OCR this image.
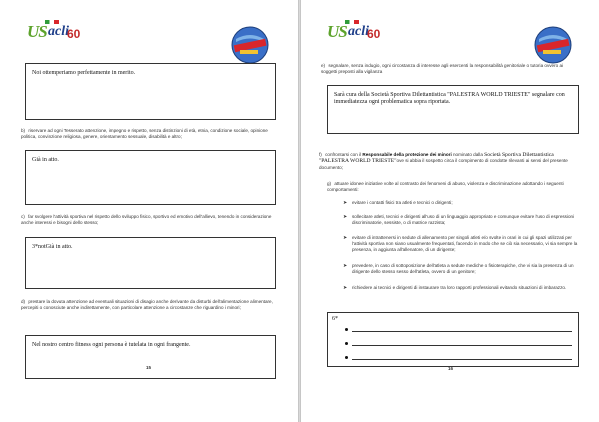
US acli
60
Noi ottemperiamo perfettamente in merito.
b) riservare ad ogni Tesserato attenzione, impegno e rispetto, senza distinzioni di età, etnia, condizione sociale, opinione politica, convinzione religiosa, genere, orientamento sessuale, disabilità e altro;
Già in atto.
c) far svolgere l'attività sportiva nel rispetto dello sviluppo fisico, sportivo ed emotivo dell'allievo, tenendo in considerazione anche interessi e bisogni dello stesso;
3*notGià in atto.
d) prestare la dovuta attenzione ad eventuali situazioni di disagio anche derivante da disturbi dell'alimentazione alimentare, percepiti o conosciute anche indirettamente, con particolare attenzione a circostanze che riguardino i minori;
Nel nostro centro fitness ogni persona è tutelata in ogni frangente.
15
US acli
60
e) segnalare, senza indugio, ogni circostanza di interesse agli esercenti la responsabilità genitoriale o tutoria ovvero ai soggetti preposti alla vigilanza
Sarà cura della Società Sportiva Dilettantistica "PALESTRA WORLD TRIESTE" segnalare con immediatezza ogni problematica sopra riportata.
f) confrontarsi con il Responsabile della protezione dei minori nominato dalla Società Sportiva Dilettantistica "PALESTRA WORLD TRIESTE"ove si abbia il sospetto circa il compimento di condotte rilevanti ai sensi del presente documento;
g) attuare idonee iniziative volte al contrasto dei fenomeni di abuso, violenza e discriminazione adottando i seguenti comportamenti:
➤ evitare i contatti fisici tra atleti e tecnici o dirigenti;
➤ sollecitare atleti, tecnici e dirigenti all'uso di un linguaggio appropriato e comunque evitare l'uso di espressioni discriminatorie, sessiste, o di matrice razzista;
➤ evitare di intrattenersi in sedute di allenamento per singoli atleti e/o svolte in orari in cui gli spazi utilizzati per l'attività sportiva non siano usualmente frequentati, facendo in modo che se ciò sia necessario, vi sia sempre la presenza, in aggiunta all'allenatore, di un dirigente;
➤ prevedere, in caso di sottoposizione dell'atleta a sedute mediche o fisioterapiche, che vi sia la presenza di un dirigente dello stesso sesso dell'atleta, ovvero di un genitore;
➤ richiedere ai tecnici e dirigenti di instaurare tra loro rapporti professionali evitando situazioni di imbarazzo.
6*
16
